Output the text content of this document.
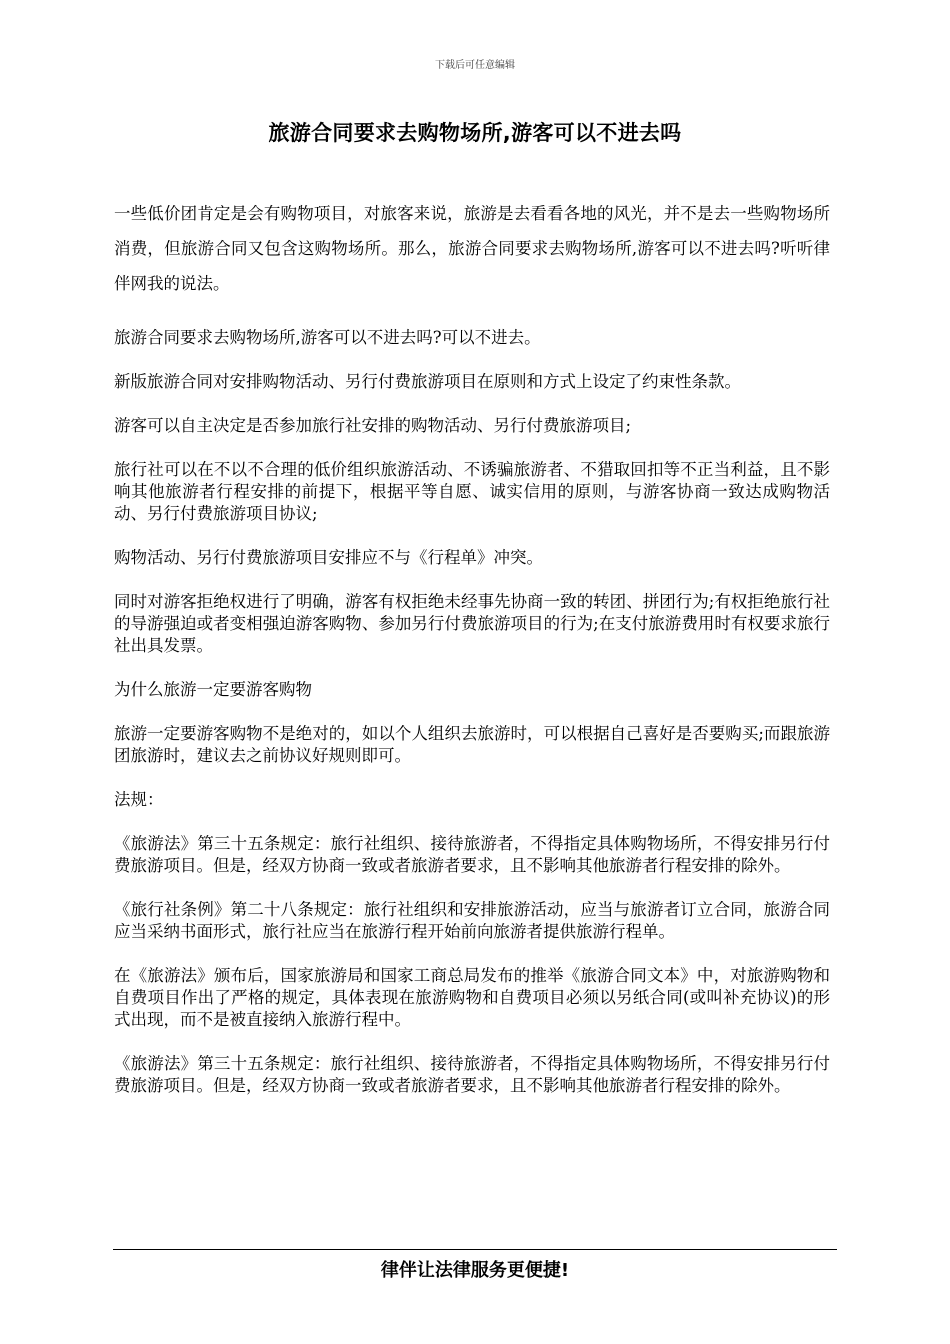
下载后可任意编辑
旅游合同要求去购物场所,游客可以不进去吗

一些低价团肯定是会有购物项目，对旅客来说，旅游是去看看各地的风光，并不是去一些购物场所消费，但旅游合同又包含这购物场所。那么，旅游合同要求去购物场所,游客可以不进去吗?听听律伴网我的说法。

旅游合同要求去购物场所,游客可以不进去吗?可以不进去。

新版旅游合同对安排购物活动、另行付费旅游项目在原则和方式上设定了约束性条款。

游客可以自主决定是否参加旅行社安排的购物活动、另行付费旅游项目;

旅行社可以在不以不合理的低价组织旅游活动、不诱骗旅游者、不猎取回扣等不正当利益，且不影响其他旅游者行程安排的前提下，根据平等自愿、诚实信用的原则，与游客协商一致达成购物活动、另行付费旅游项目协议;

购物活动、另行付费旅游项目安排应不与《行程单》冲突。

同时对游客拒绝权进行了明确，游客有权拒绝未经事先协商一致的转团、拼团行为;有权拒绝旅行社的导游强迫或者变相强迫游客购物、参加另行付费旅游项目的行为;在支付旅游费用时有权要求旅行社出具发票。

为什么旅游一定要游客购物

旅游一定要游客购物不是绝对的，如以个人组织去旅游时，可以根据自己喜好是否要购买;而跟旅游团旅游时，建议去之前协议好规则即可。

法规：

《旅游法》第三十五条规定：旅行社组织、接待旅游者，不得指定具体购物场所，不得安排另行付费旅游项目。但是，经双方协商一致或者旅游者要求，且不影响其他旅游者行程安排的除外。

《旅行社条例》第二十八条规定：旅行社组织和安排旅游活动，应当与旅游者订立合同，旅游合同应当采纳书面形式，旅行社应当在旅游行程开始前向旅游者提供旅游行程单。

在《旅游法》颁布后，国家旅游局和国家工商总局发布的推举《旅游合同文本》中，对旅游购物和自费项目作出了严格的规定，具体表现在旅游购物和自费项目必须以另纸合同(或叫补充协议)的形式出现，而不是被直接纳入旅游行程中。

《旅游法》第三十五条规定：旅行社组织、接待旅游者，不得指定具体购物场所，不得安排另行付费旅游项目。但是，经双方协商一致或者旅游者要求，且不影响其他旅游者行程安排的除外。

律伴让法律服务更便捷!
